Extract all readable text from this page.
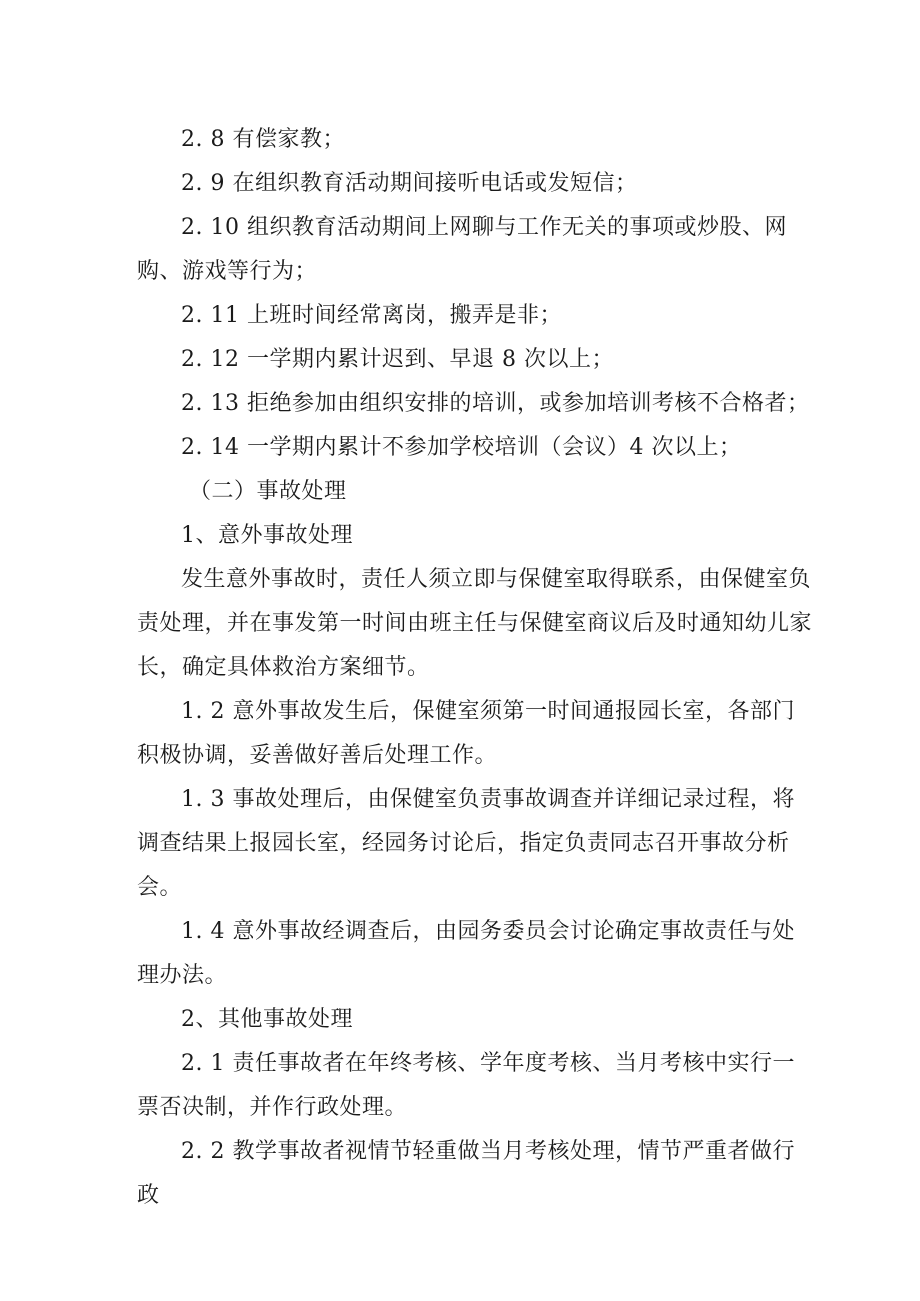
2. 8 有偿家教；

2. 9 在组织教育活动期间接听电话或发短信；

2. 10 组织教育活动期间上网聊与工作无关的事项或炒股、网购、游戏等行为；

2. 11 上班时间经常离岗，搬弄是非；

2. 12 一学期内累计迟到、早退 8 次以上；

2. 13 拒绝参加由组织安排的培训，或参加培训考核不合格者；

2. 14 一学期内累计不参加学校培训（会议）4 次以上；

（二）事故处理

1、意外事故处理

发生意外事故时，责任人须立即与保健室取得联系，由保健室负责处理，并在事发第一时间由班主任与保健室商议后及时通知幼儿家长，确定具体救治方案细节。

1. 2 意外事故发生后，保健室须第一时间通报园长室，各部门积极协调，妥善做好善后处理工作。

1. 3 事故处理后，由保健室负责事故调查并详细记录过程，将调查结果上报园长室，经园务讨论后，指定负责同志召开事故分析会。

1. 4 意外事故经调查后，由园务委员会讨论确定事故责任与处理办法。

2、其他事故处理

2. 1 责任事故者在年终考核、学年度考核、当月考核中实行一票否决制，并作行政处理。

2. 2 教学事故者视情节轻重做当月考核处理，情节严重者做行政
